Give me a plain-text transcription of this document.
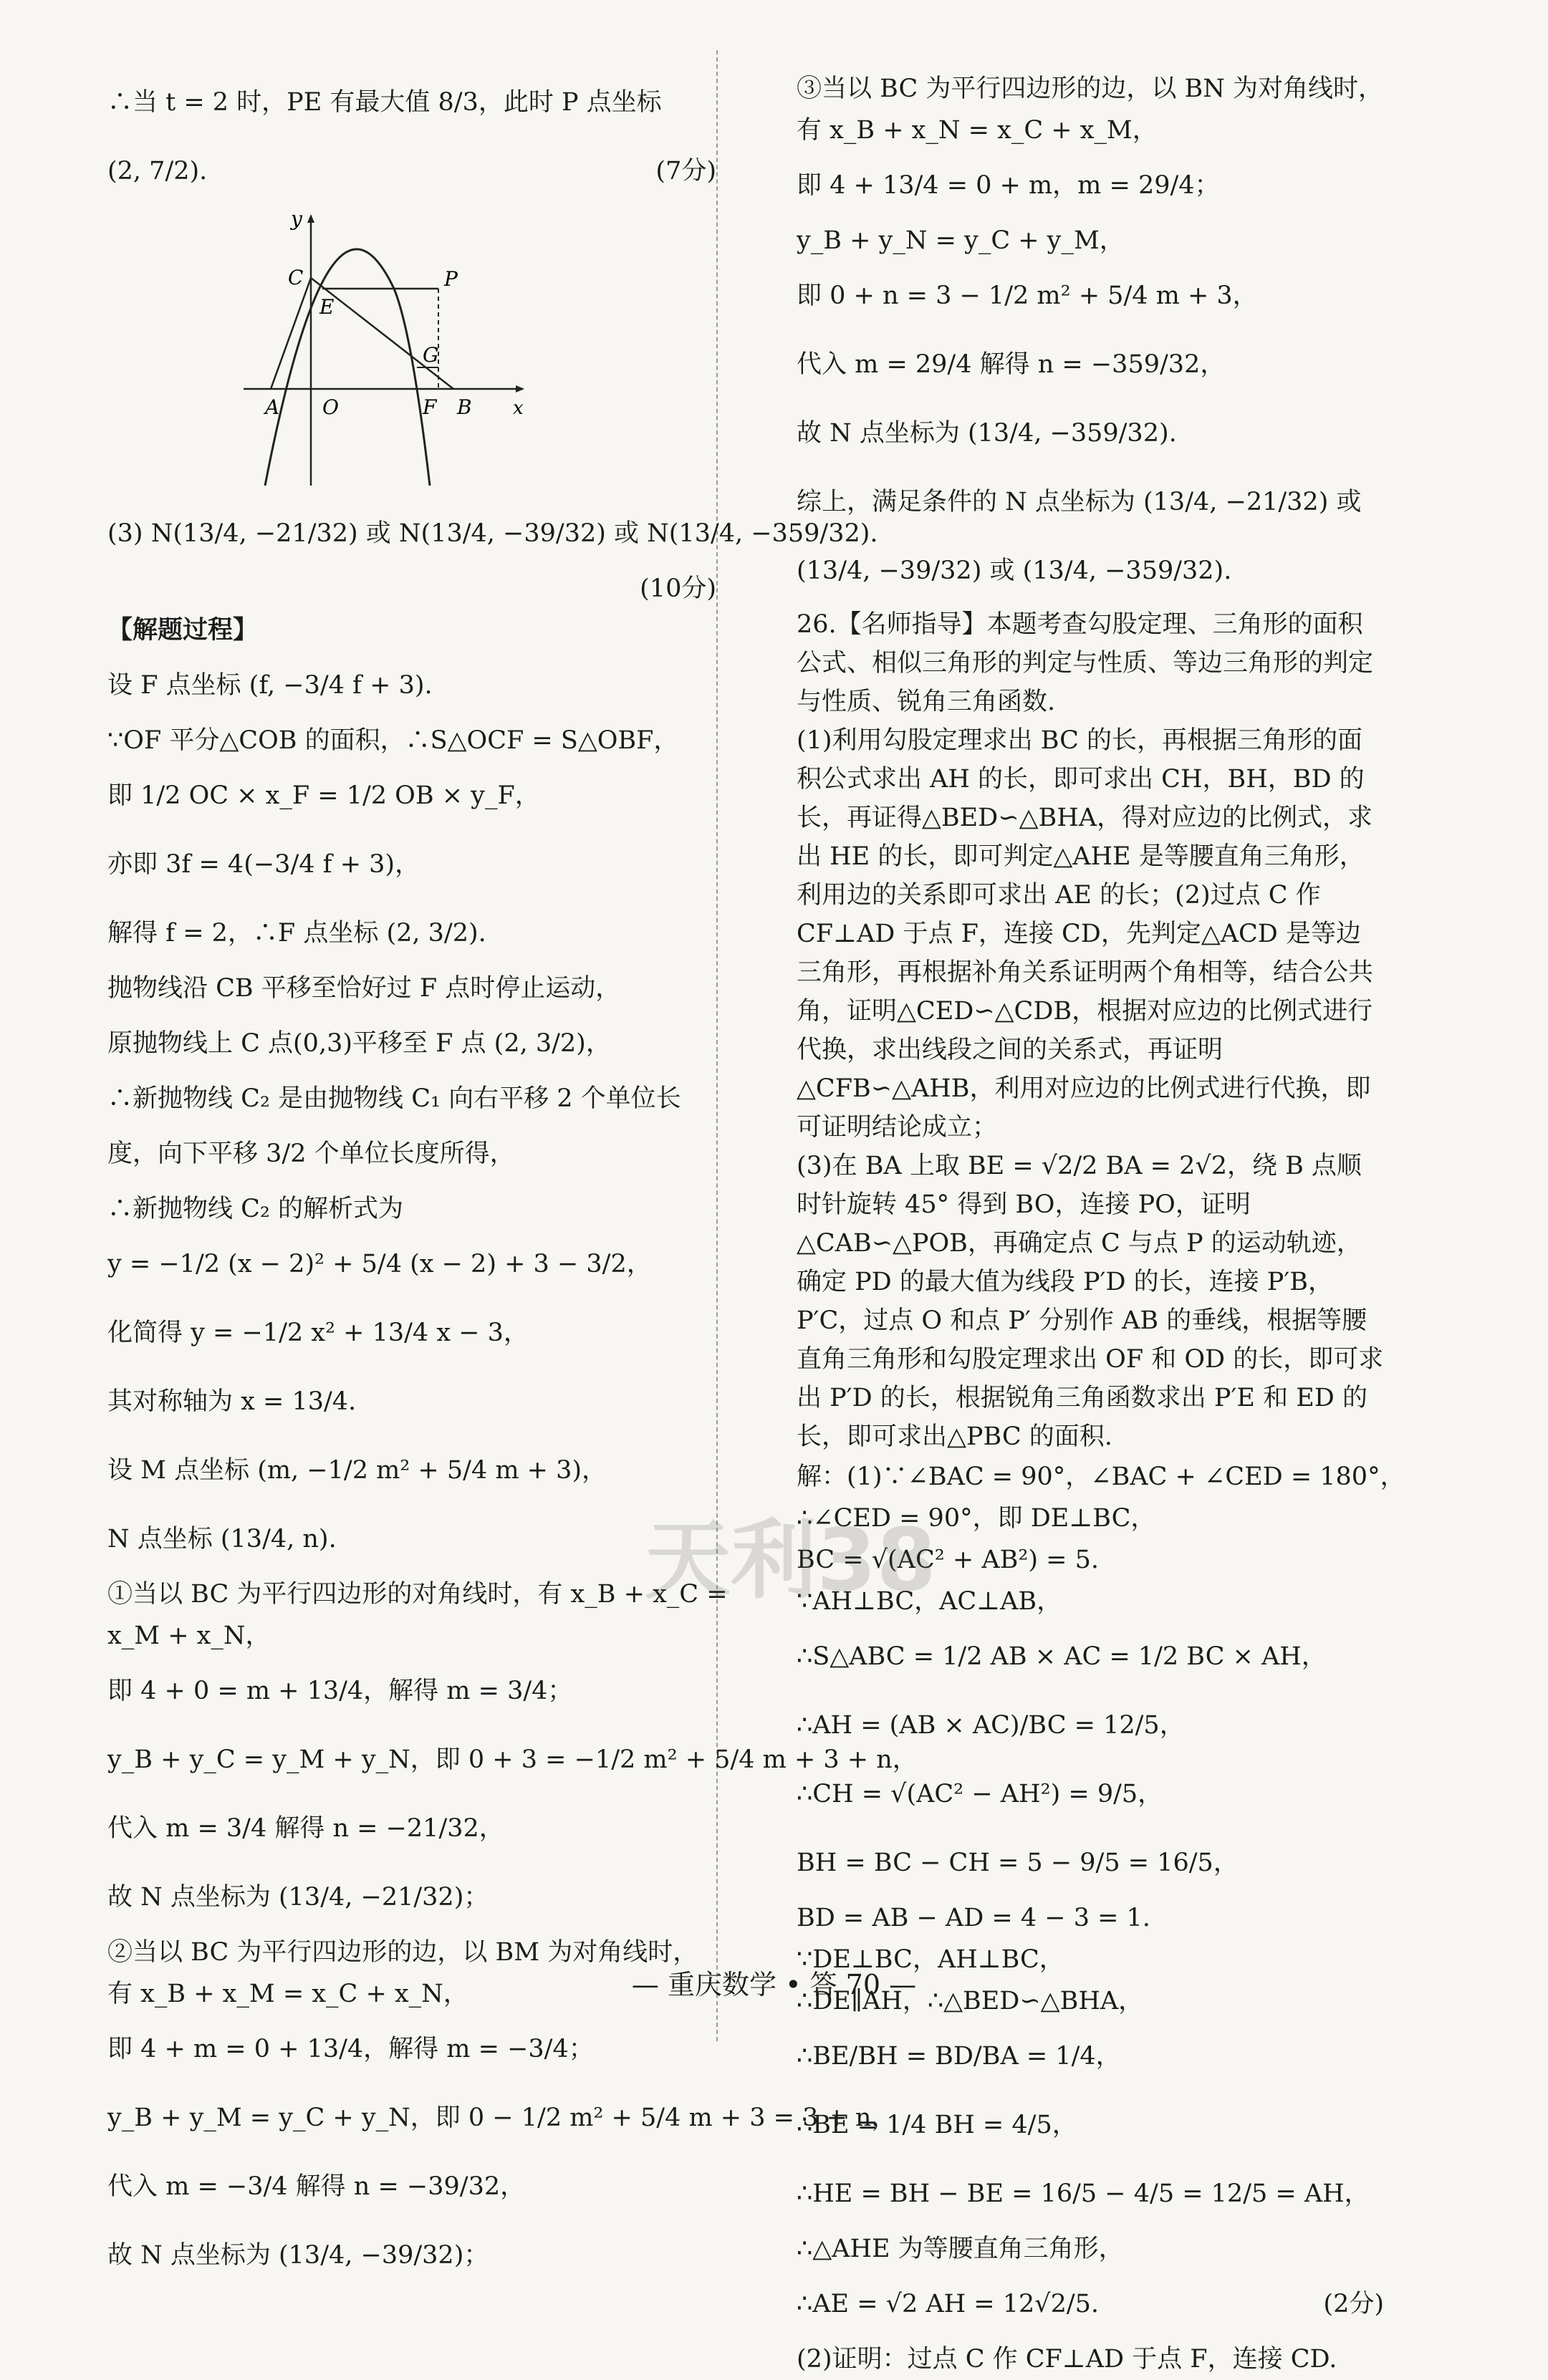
∴当 t = 2 时，PE 有最大值 8/3，此时 P 点坐标
(2, 7/2).	(7分)
y
C
E
P
G
A O	F B x
(3) N(13/4, −21/32) 或 N(13/4, −39/32) 或 N(13/4, −359/32).
(10分)

【解题过程】
设 F 点坐标 (f, −3/4 f + 3).
∵OF 平分△COB 的面积，∴S△OCF = S△OBF，
即 1/2 OC × x_F = 1/2 OB × y_F，
亦即 3f = 4(−3/4 f + 3)，
解得 f = 2，∴F 点坐标 (2, 3/2).
抛物线沿 CB 平移至恰好过 F 点时停止运动，
原抛物线上 C 点(0,3)平移至 F 点 (2, 3/2)，
∴新抛物线 C₂ 是由抛物线 C₁ 向右平移 2 个单位长
度，向下平移 3/2 个单位长度所得，
∴新抛物线 C₂ 的解析式为
y = −1/2 (x − 2)² + 5/4 (x − 2) + 3 − 3/2，
化简得 y = −1/2 x² + 13/4 x − 3，
其对称轴为 x = 13/4.
设 M 点坐标 (m, −1/2 m² + 5/4 m + 3)，
N 点坐标 (13/4, n).
①当以 BC 为平行四边形的对角线时，有 x_B + x_C =
x_M + x_N，
即 4 + 0 = m + 13/4，解得 m = 3/4；
y_B + y_C = y_M + y_N，即 0 + 3 = −1/2 m² + 5/4 m + 3 + n，
代入 m = 3/4 解得 n = −21/32，
故 N 点坐标为 (13/4, −21/32)；
②当以 BC 为平行四边形的边，以 BM 为对角线时，
有 x_B + x_M = x_C + x_N，
即 4 + m = 0 + 13/4，解得 m = −3/4；
y_B + y_M = y_C + y_N，即 0 − 1/2 m² + 5/4 m + 3 = 3 + n，
代入 m = −3/4 解得 n = −39/32，
故 N 点坐标为 (13/4, −39/32)；
③当以 BC 为平行四边形的边，以 BN 为对角线时，
有 x_B + x_N = x_C + x_M，
即 4 + 13/4 = 0 + m，m = 29/4；
y_B + y_N = y_C + y_M，
即 0 + n = 3 − 1/2 m² + 5/4 m + 3，
代入 m = 29/4 解得 n = −359/32，
故 N 点坐标为 (13/4, −359/32).
综上，满足条件的 N 点坐标为 (13/4, −21/32) 或
(13/4, −39/32) 或 (13/4, −359/32).
26.【名师指导】本题考查勾股定理、三角形的面积公式、相似三角形的判定与性质、等边三角形的判定与性质、锐角三角函数.
(1)利用勾股定理求出 BC 的长，再根据三角形的面积公式求出 AH 的长，即可求出 CH，BH，BD 的长，再证得△BED∽△BHA，得对应边的比例式，求出 HE 的长，即可判定△AHE 是等腰直角三角形，利用边的关系即可求出 AE 的长；(2)过点 C 作 CF⊥AD 于点 F，连接 CD，先判定△ACD 是等边三角形，再根据补角关系证明两个角相等，结合公共角，证明△CED∽△CDB，根据对应边的比例式进行代换，求出线段之间的关系式，再证明△CFB∽△AHB，利用对应边的比例式进行代换，即可证明结论成立；
(3)在 BA 上取 BE = √2/2 BA = 2√2，绕 B 点顺时针旋转 45° 得到 BO，连接 PO，证明△CAB∽△POB，再确定点 C 与点 P 的运动轨迹，确定 PD 的最大值为线段 P′D 的长，连接 P′B，P′C，过点 O 和点 P′ 分别作 AB 的垂线，根据等腰直角三角形和勾股定理求出 OF 和 OD 的长，即可求出 P′D 的长，根据锐角三角函数求出 P′E 和 ED 的长，即可求出△PBC 的面积.
解：(1)∵∠BAC = 90°，∠BAC + ∠CED = 180°，
∴∠CED = 90°，即 DE⊥BC，
BC = √(AC² + AB²) = 5.
∵AH⊥BC，AC⊥AB，
∴S△ABC = 1/2 AB × AC = 1/2 BC × AH，
∴AH = (AB × AC)/BC = 12/5，
∴CH = √(AC² − AH²) = 9/5，
BH = BC − CH = 5 − 9/5 = 16/5，
BD = AB − AD = 4 − 3 = 1.
∵DE⊥BC，AH⊥BC，
∴DE∥AH，∴△BED∽△BHA，
∴BE/BH = BD/BA = 1/4，
∴BE = 1/4 BH = 4/5，
∴HE = BH − BE = 16/5 − 4/5 = 12/5 = AH，
∴△AHE 为等腰直角三角形，
∴AE = √2 AH = 12√2/5.	(2分)
(2)证明：过点 C 作 CF⊥AD 于点 F，连接 CD.
天利38
— 重庆数学 • 答 70 —
